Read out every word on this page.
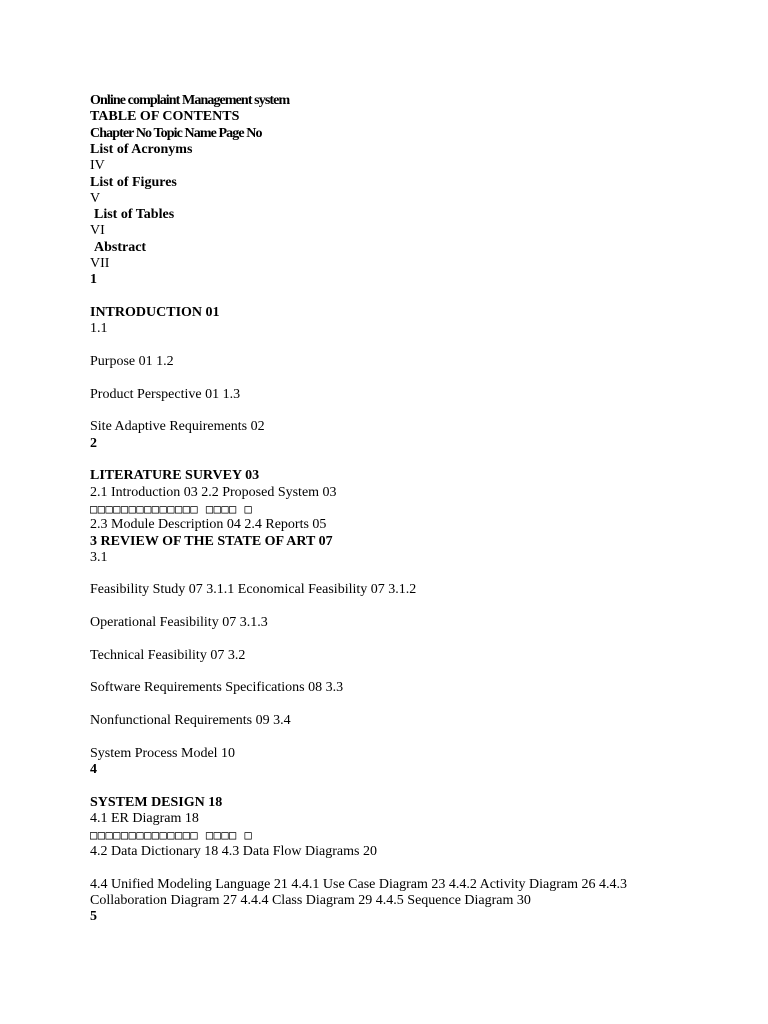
Online complaint Management system
TABLE OF CONTENTS
Chapter No Topic Name Page No
List of Acronyms
IV
List of Figures
V
List of Tables
VI
Abstract
VII
1
INTRODUCTION 01
1.1
Purpose 01 1.2
Product Perspective 01 1.3
Site Adaptive Requirements 02
2
LITERATURE SURVEY 03
2.1 Introduction 03 2.2 Proposed System 03
□□□□□□□□□□□□□□ □□□□ □
2.3 Module Description 04 2.4 Reports 05
3 REVIEW OF THE STATE OF ART 07
3.1
Feasibility Study 07 3.1.1 Economical Feasibility 07 3.1.2
Operational Feasibility 07 3.1.3
Technical Feasibility 07 3.2
Software Requirements Specifications 08 3.3
Nonfunctional Requirements 09 3.4
System Process Model 10
4
SYSTEM DESIGN 18
4.1 ER Diagram 18
□□□□□□□□□□□□□□ □□□□ □
4.2 Data Dictionary 18 4.3 Data Flow Diagrams 20
4.4 Unified Modeling Language 21 4.4.1 Use Case Diagram 23 4.4.2 Activity Diagram 26 4.4.3
Collaboration Diagram 27 4.4.4 Class Diagram 29 4.4.5 Sequence Diagram 30
5
